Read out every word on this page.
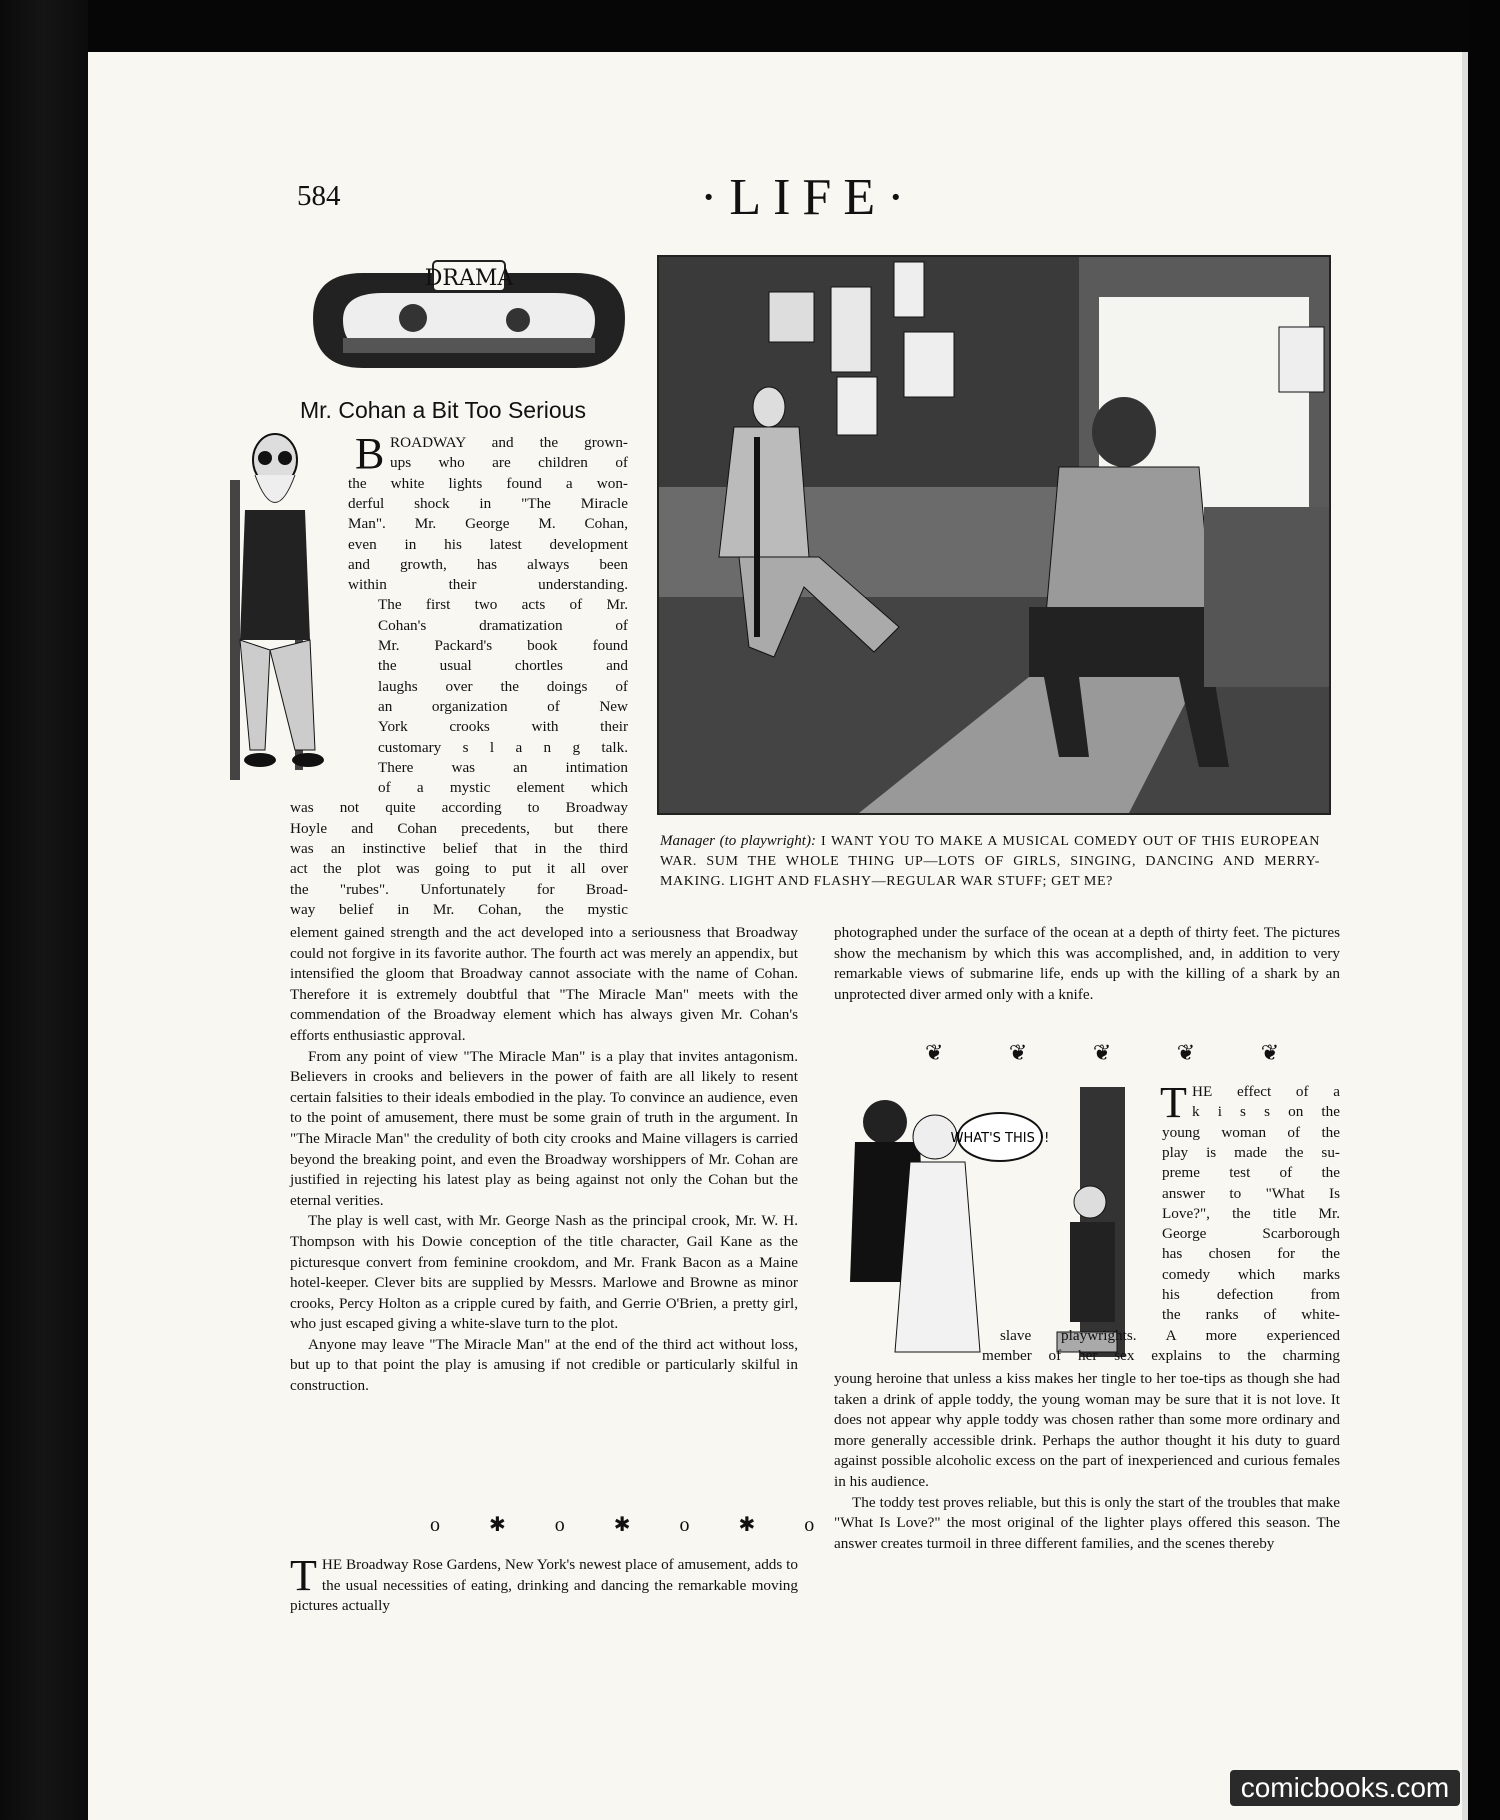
584	·LIFE·
DRAMA
Mr. Cohan a Bit Too Serious
Manager (to playwright): I WANT YOU TO MAKE A MUSICAL COMEDY OUT OF THIS EUROPEAN WAR. SUM THE WHOLE THING UP—LOTS OF GIRLS, SINGING, DANCING AND MERRY-MAKING. LIGHT AND FLASHY—REGULAR WAR STUFF; GET ME?
B ROADWAY and the grown-
ups who are children of
the white lights found a won-
derful shock in "The Miracle
Man". Mr. George M. Cohan,
even in his latest development
and growth, has always been
within their understanding.
The first two acts of Mr.
Cohan's dramatization of
Mr. Packard's book found
the usual chortles and
laughs over the doings of
an organization of New
York crooks with their
customary s l a n g talk.
There was an intimation
of a mystic element which
was not quite according to Broadway
Hoyle and Cohan precedents, but there
was an instinctive belief that in the third
act the plot was going to put it all over
the "rubes". Unfortunately for Broad-
way belief in Mr. Cohan, the mystic

element gained strength and the act developed into a seriousness that Broadway could not forgive in its favorite author. The fourth act was merely an appendix, but intensified the gloom that Broadway cannot associate with the name of Cohan. Therefore it is extremely doubtful that "The Miracle Man" meets with the commendation of the Broadway element which has always given Mr. Cohan's efforts enthusiastic approval.

From any point of view "The Miracle Man" is a play that invites antagonism. Believers in crooks and believers in the power of faith are all likely to resent certain falsities to their ideals embodied in the play. To convince an audience, even to the point of amusement, there must be some grain of truth in the argument. In "The Miracle Man" the credulity of both city crooks and Maine villagers is carried beyond the breaking point, and even the Broadway worshippers of Mr. Cohan are justified in rejecting his latest play as being against not only the Cohan but the eternal verities.

The play is well cast, with Mr. George Nash as the principal crook, Mr. W. H. Thompson with his Dowie conception of the title character, Gail Kane as the picturesque convert from feminine crookdom, and Mr. Frank Bacon as a Maine hotel-keeper. Clever bits are supplied by Messrs. Marlowe and Browne as minor crooks, Percy Holton as a cripple cured by faith, and Gerrie O'Brien, a pretty girl, who just escaped giving a white-slave turn to the plot.

Anyone may leave "The Miracle Man" at the end of the third act without loss, but up to that point the play is amusing if not credible or particularly skilful in construction.

o ✱ o ✱ o ✱ o
T HE Broadway Rose Gardens, New York's newest place of amusement, adds to the usual necessities of eating, drinking and dancing the remarkable moving pictures actually

photographed under the surface of the ocean at a depth of thirty feet. The pictures show the mechanism by which this was accomplished, and, in addition to very remarkable views of submarine life, ends up with the killing of a shark by an unprotected diver armed only with a knife.

❦ ❦ ❦ ❦ ❦
WHAT'S THIS !!
T HE effect of a
k i s s on the
young woman of the
play is made the su-
preme test of the
answer to "What Is
Love?", the title Mr.
George Scarborough
has chosen for the
comedy which marks
his defection from
the ranks of white-
slave playwrights. A more experienced
member of her sex explains to the charming

young heroine that unless a kiss makes her tingle to her toe-tips as though she had taken a drink of apple toddy, the young woman may be sure that it is not love. It does not appear why apple toddy was chosen rather than some more ordinary and more generally accessible drink. Perhaps the author thought it his duty to guard against possible alcoholic excess on the part of inexperienced and curious females in his audience.

The toddy test proves reliable, but this is only the start of the troubles that make "What Is Love?" the most original of the lighter plays offered this season. The answer creates turmoil in three different families, and the scenes thereby

comicbooks.com
